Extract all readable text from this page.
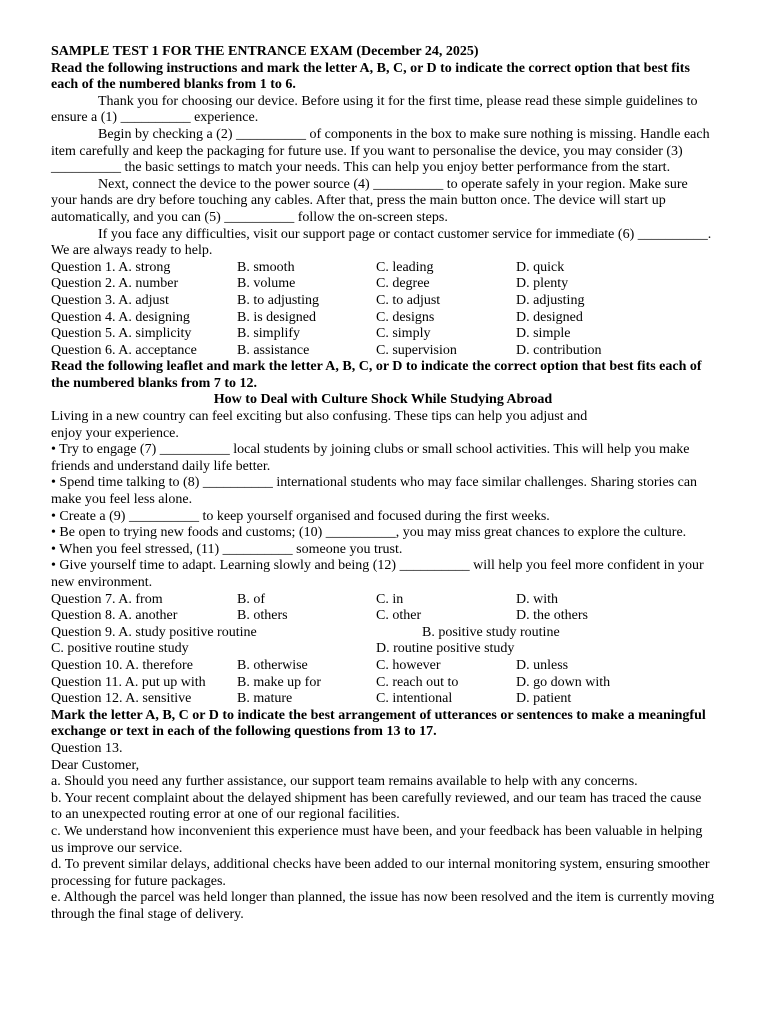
SAMPLE TEST 1 FOR THE ENTRANCE EXAM (December 24, 2025)

Read the following instructions and mark the letter A, B, C, or D to indicate the correct option that best fits each of the numbered blanks from 1 to 6.

Thank you for choosing our device. Before using it for the first time, please read these simple guidelines to ensure a (1) __________ experience.

Begin by checking a (2) __________ of components in the box to make sure nothing is missing. Handle each item carefully and keep the packaging for future use. If you want to personalise the device, you may consider (3) __________ the basic settings to match your needs. This can help you enjoy better performance from the start.

Next, connect the device to the power source (4) __________ to operate safely in your region. Make sure your hands are dry before touching any cables. After that, press the main button once. The device will start up automatically, and you can (5) __________ follow the on-screen steps.

If you face any difficulties, visit our support page or contact customer service for immediate (6) __________. We are always ready to help.

Question 1. A. strong	B. smooth	C. leading	D. quick
Question 2. A. number	B. volume	C. degree	D. plenty
Question 3. A. adjust	B. to adjusting	C. to adjust	D. adjusting
Question 4. A. designing	B. is designed	C. designs	D. designed
Question 5. A. simplicity	B. simplify	C. simply	D. simple
Question 6. A. acceptance	B. assistance	C. supervision	D. contribution

Read the following leaflet and mark the letter A, B, C, or D to indicate the correct option that best fits each of the numbered blanks from 7 to 12.

How to Deal with Culture Shock While Studying Abroad

Living in a new country can feel exciting but also confusing. These tips can help you adjust and
enjoy your experience.

• Try to engage (7) __________ local students by joining clubs or small school activities. This will help you make friends and understand daily life better.

• Spend time talking to (8) __________ international students who may face similar challenges. Sharing stories can make you feel less alone.

• Create a (9) __________ to keep yourself organised and focused during the first weeks.

• Be open to trying new foods and customs; (10) __________, you may miss great chances to explore the culture.

• When you feel stressed, (11) __________ someone you trust.

• Give yourself time to adapt. Learning slowly and being (12) __________ will help you feel more confident in your new environment.

Question 7. A. from	B. of	C. in	D. with
Question 8. A. another	B. others	C. other	D. the others
Question 9. A. study positive routine	B. positive study routine
C. positive routine study	D. routine positive study
Question 10. A. therefore	B. otherwise	C. however	D. unless
Question 11. A. put up with B. make up for	C. reach out to	D. go down with
Question 12. A. sensitive	B. mature	C. intentional	D. patient

Mark the letter A, B, C or D to indicate the best arrangement of utterances or sentences to make a meaningful exchange or text in each of the following questions from 13 to 17.

Question 13.

Dear Customer,

a. Should you need any further assistance, our support team remains available to help with any concerns.

b. Your recent complaint about the delayed shipment has been carefully reviewed, and our team has traced the cause to an unexpected routing error at one of our regional facilities.

c. We understand how inconvenient this experience must have been, and your feedback has been valuable in helping us improve our service.

d. To prevent similar delays, additional checks have been added to our internal monitoring system, ensuring smoother processing for future packages.

e. Although the parcel was held longer than planned, the issue has now been resolved and the item is currently moving through the final stage of delivery.
